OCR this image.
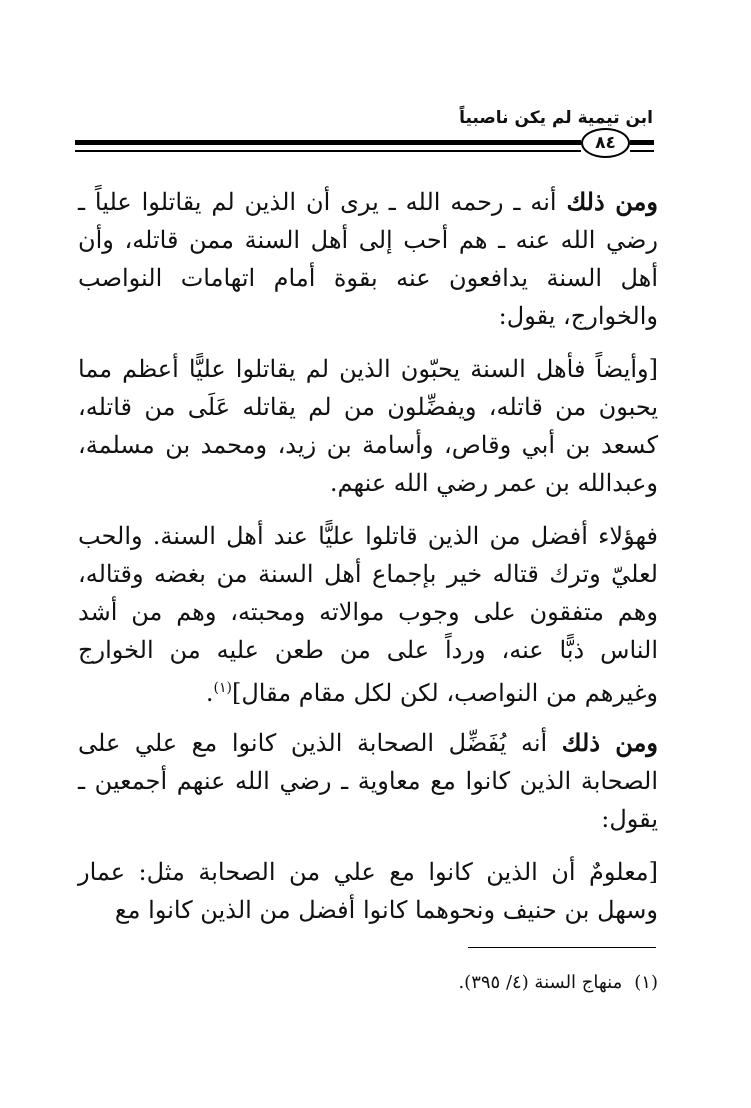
ابن تيمية لم يكن ناصبياً
٨٤

ومن ذلك أنه ـ رحمه الله ـ يرى أن الذين لم يقاتلوا علياً ـ رضي الله عنه ـ هم أحب إلى أهل السنة ممن قاتله، وأن أهل السنة يدافعون عنه بقوة أمام اتهامات النواصب والخوارج، يقول:

[وأيضاً فأهل السنة يحبّون الذين لم يقاتلوا عليًّا أعظم مما يحبون من قاتله، ويفضِّلون من لم يقاتله عَلَى من قاتله، كسعد بن أبي وقاص، وأسامة بن زيد، ومحمد بن مسلمة، وعبدالله بن عمر رضي الله عنهم.

فهؤلاء أفضل من الذين قاتلوا عليًّا عند أهل السنة. والحب لعليّ وترك قتاله خير بإجماع أهل السنة من بغضه وقتاله، وهم متفقون على وجوب موالاته ومحبته، وهم من أشد الناس ذبًّا عنه، ورداً على من طعن عليه من الخوارج وغيرهم من النواصب، لكن لكل مقام مقال]$^{(١)}$.

ومن ذلك أنه يُفَضِّل الصحابة الذين كانوا مع علي على الصحابة الذين كانوا مع معاوية ـ رضي الله عنهم أجمعين ـ يقول:

[معلومٌ أن الذين كانوا مع علي من الصحابة مثل: عمار وسهل بن حنيف ونحوهما كانوا أفضل من الذين كانوا مع

(١)منهاج السنة (٤/ ٣٩٥).
